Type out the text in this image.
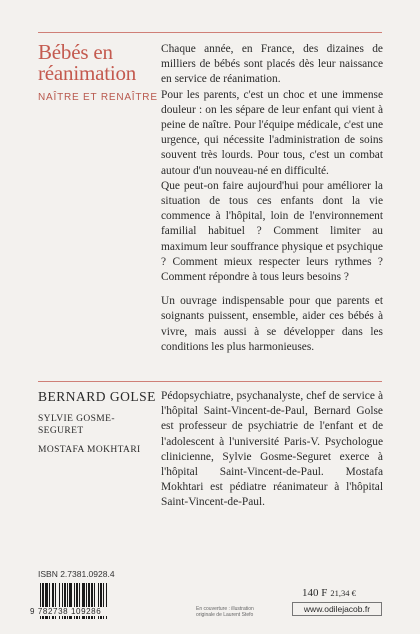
Bébés en réanimation
NAÎTRE ET RENAÎTRE

Chaque année, en France, des dizaines de milliers de bébés sont placés dès leur naissance en service de réanimation.

Pour les parents, c'est un choc et une immense douleur : on les sépare de leur enfant qui vient à peine de naître. Pour l'équipe médicale, c'est une urgence, qui nécessite l'administration de soins souvent très lourds. Pour tous, c'est un combat autour d'un nouveau-né en difficulté.

Que peut-on faire aujourd'hui pour améliorer la situation de tous ces enfants dont la vie commence à l'hôpital, loin de l'environnement familial habituel ? Comment limiter au maximum leur souffrance physique et psychique ? Comment mieux respecter leurs rythmes ? Comment répondre à tous leurs besoins ?

Un ouvrage indispensable pour que parents et soignants puissent, ensemble, aider ces bébés à vivre, mais aussi à se développer dans les conditions les plus harmonieuses.

BERNARD GOLSE
SYLVIE GOSME-SEGURET
MOSTAFA MOKHTARI
Pédopsychiatre, psychanalyste, chef de service à l'hôpital Saint-Vincent-de-Paul, Bernard Golse est professeur de psychiatrie de l'enfant et de l'adolescent à l'université Paris-V. Psychologue clinicienne, Sylvie Gosme-Seguret exerce à l'hôpital Saint-Vincent-de-Paul. Mostafa Mokhtari est pédiatre réanimateur à l'hôpital Saint-Vincent-de-Paul.
ISBN 2.7381.0928.4
9 782738 109286	En couverture : illustration originale de Laurent Stefo
140 F 21,34 €
www.odilejacob.fr
